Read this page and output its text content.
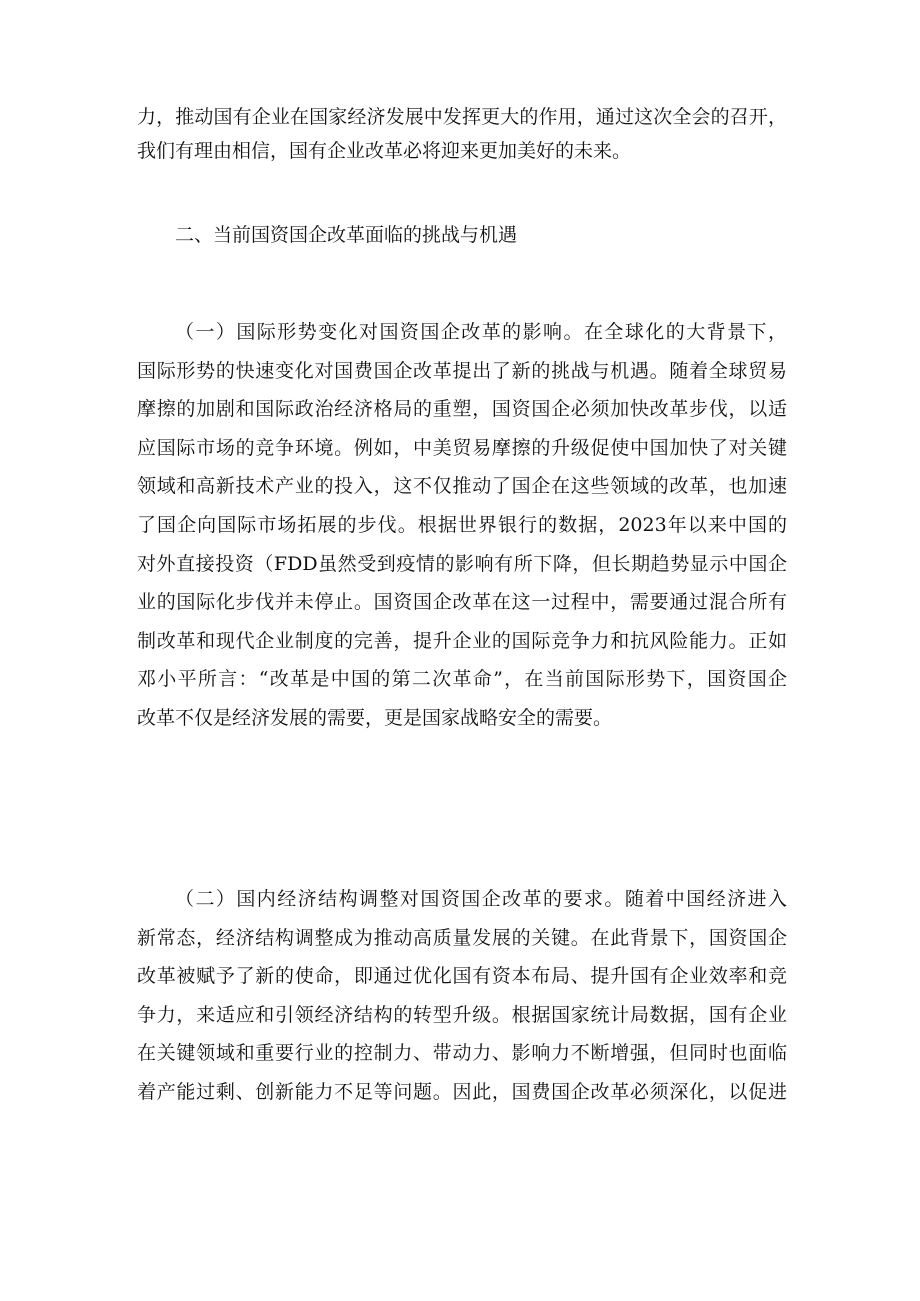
力，推动国有企业在国家经济发展中发挥更大的作用，通过这次全会的召开，
我们有理由相信，国有企业改革必将迎来更加美好的未来。
二、当前国资国企改革面临的挑战与机遇
（一）国际形势变化对国资国企改革的影响。在全球化的大背景下，
国际形势的快速变化对国费国企改革提出了新的挑战与机遇。随着全球贸易
摩擦的加剧和国际政治经济格局的重塑，国资国企必须加快改革步伐，以适
应国际市场的竞争环境。例如，中美贸易摩擦的升级促使中国加快了对关键
领域和高新技术产业的投入，这不仅推动了国企在这些领域的改革，也加速
了国企向国际市场拓展的步伐。根据世界银行的数据，2023年以来中国的
对外直接投资（FDD虽然受到疫情的影响有所下降，但长期趋势显示中国企
业的国际化步伐并未停止。国资国企改革在这一过程中，需要通过混合所有
制改革和现代企业制度的完善，提升企业的国际竞争力和抗风险能力。正如
邓小平所言：“改革是中国的第二次革命”，在当前国际形势下，国资国企
改革不仅是经济发展的需要，更是国家战略安全的需要。
（二）国内经济结构调整对国资国企改革的要求。随着中国经济进入
新常态，经济结构调整成为推动高质量发展的关键。在此背景下，国资国企
改革被赋予了新的使命，即通过优化国有资本布局、提升国有企业效率和竞
争力，来适应和引领经济结构的转型升级。根据国家统计局数据，国有企业
在关键领域和重要行业的控制力、带动力、影响力不断增强，但同时也面临
着产能过剩、创新能力不足等问题。因此，国费国企改革必须深化，以促进
